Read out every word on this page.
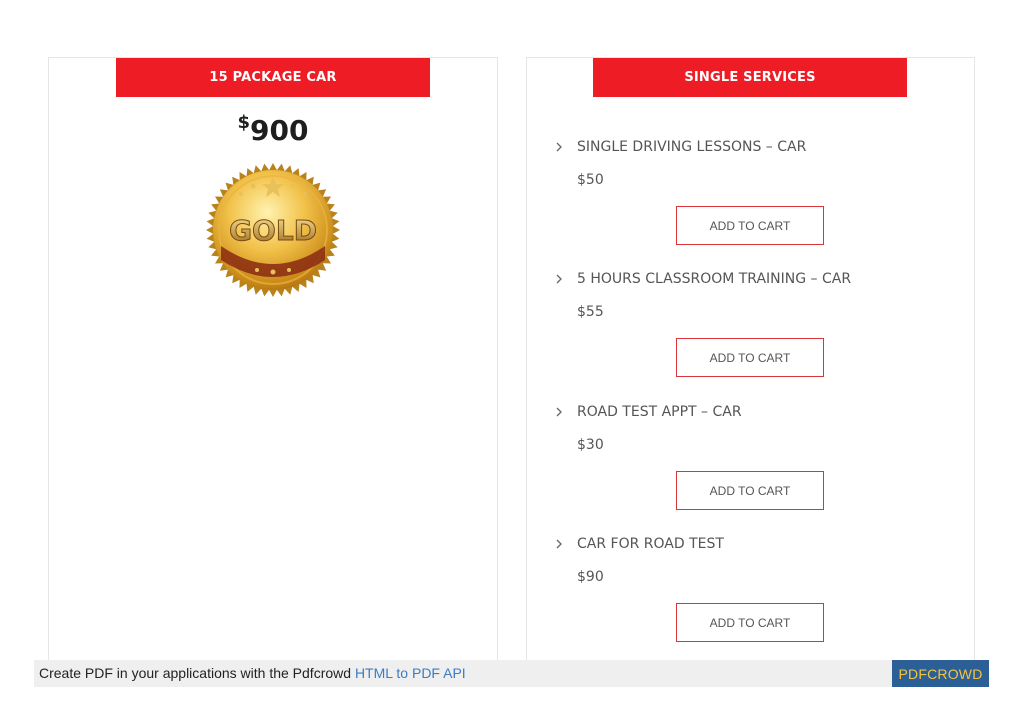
15 PACKAGE CAR
$900
GOLD
SINGLE SERVICES
SINGLE DRIVING LESSONS – CAR
$50
ADD TO CART
5 HOURS CLASSROOM TRAINING – CAR
$55
ADD TO CART
ROAD TEST APPT – CAR
$30
ADD TO CART
CAR FOR ROAD TEST
$90
ADD TO CART
Create PDF in your applications with the Pdfcrowd HTML to PDF API	PDFCROWD
